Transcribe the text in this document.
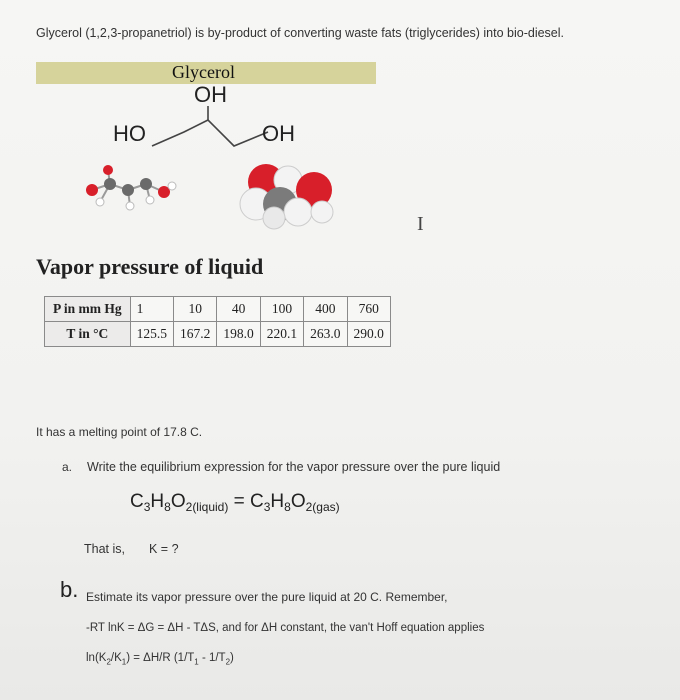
Glycerol (1,2,3-propanetriol) is by-product of converting waste fats (triglycerides) into bio-diesel.
Glycerol
OH
HO	OH
I
Vapor pressure of liquid
P in mm Hg	1	10	40	100	400	760
T in °C	125.5	167.2	198.0	220.1	263.0	290.0
It has a melting point of 17.8 C.
a. Write the equilibrium expression for the vapor pressure over the pure liquid
$C_3H_8O_{2(liquid)} = C_3H_8O_{2(gas)}$
That is, K = ?
b. Estimate its vapor pressure over the pure liquid at 20 C. Remember,
-RT lnK = ΔG = ΔH - TΔS, and for ΔH constant, the van't Hoff equation applies
$\ln(K_2/K_1) = \Delta H/R$ $(1/T_1 - 1/T_2)$
